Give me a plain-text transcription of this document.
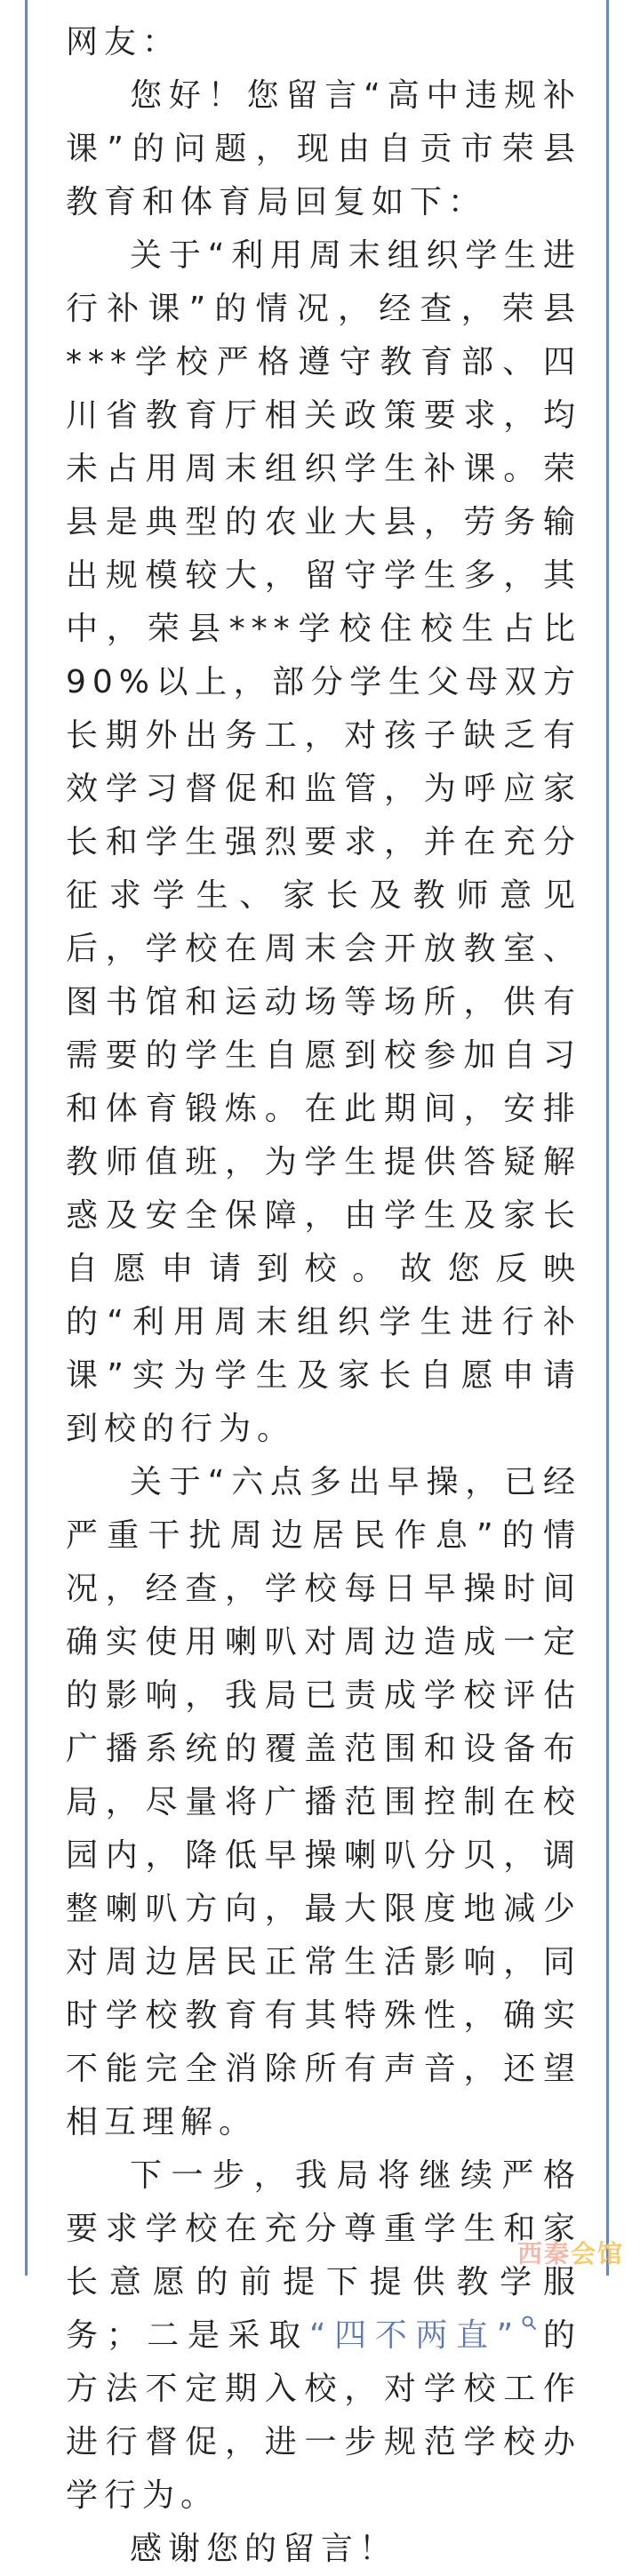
网友：

您好！您留言“高中违规补课”的问题，现由自贡市荣县教育和体育局回复如下：

关于“利用周末组织学生进行补课”的情况，经查，荣县***学校严格遵守教育部、四川省教育厅相关政策要求，均未占用周末组织学生补课。荣县是典型的农业大县，劳务输出规模较大，留守学生多，其中，荣县***学校住校生占比90%以上，部分学生父母双方长期外出务工，对孩子缺乏有效学习督促和监管，为呼应家长和学生强烈要求，并在充分征求学生、家长及教师意见后，学校在周末会开放教室、图书馆和运动场等场所，供有需要的学生自愿到校参加自习和体育锻炼。在此期间，安排教师值班，为学生提供答疑解惑及安全保障，由学生及家长自愿申请到校。故您反映的“利用周末组织学生进行补课”实为学生及家长自愿申请到校的行为。

关于“六点多出早操，已经严重干扰周边居民作息”的情况，经查，学校每日早操时间确实使用喇叭对周边造成一定的影响，我局已责成学校评估广播系统的覆盖范围和设备布局，尽量将广播范围控制在校园内，降低早操喇叭分贝，调整喇叭方向，最大限度地减少对周边居民正常生活影响，同时学校教育有其特殊性，确实不能完全消除所有声音，还望相互理解。

下一步，我局将继续严格要求学校在充分尊重学生和家长意愿的前提下提供教学服务；二是采取“四不两直” 的方法不定期入校，对学校工作进行督促，进一步规范学校办学行为。

感谢您的留言！

西秦会馆
